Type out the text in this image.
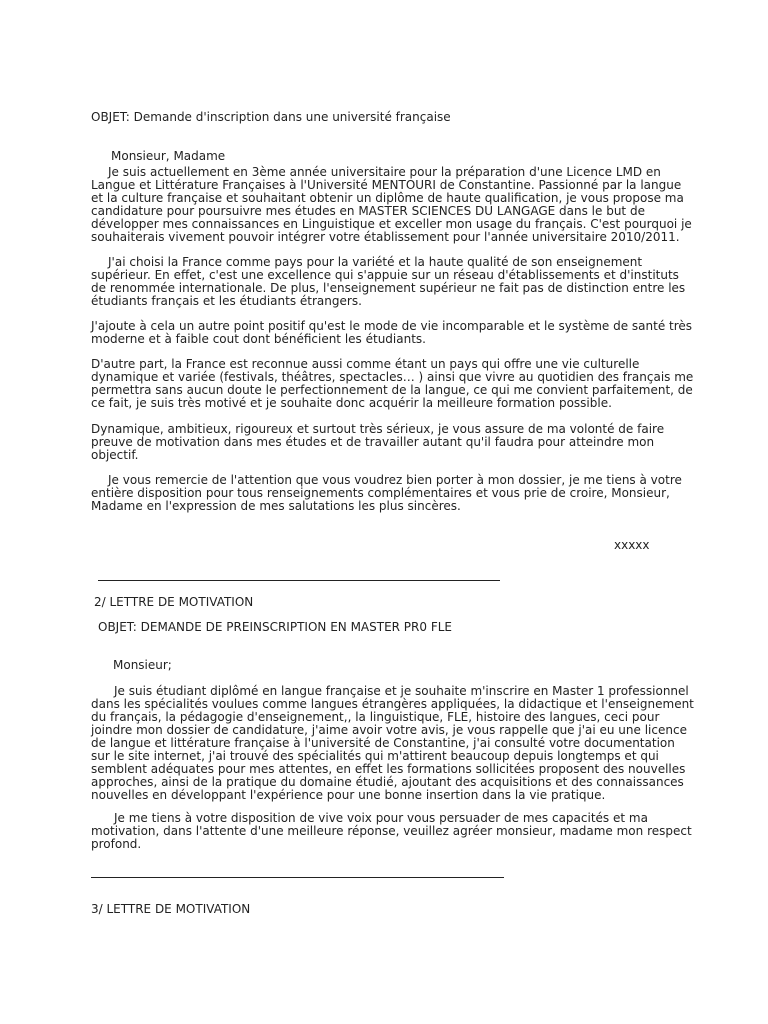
OBJET: Demande d'inscription dans une université française
Monsieur, Madame
Je suis actuellement en 3ème année universitaire pour la préparation d'une Licence LMD en
Langue et Littérature Françaises à l'Université MENTOURI de Constantine. Passionné par la langue
et la culture française et souhaitant obtenir un diplôme de haute qualification, je vous propose ma
candidature pour poursuivre mes études en MASTER SCIENCES DU LANGAGE dans le but de
développer mes connaissances en Linguistique et exceller mon usage du français. C'est pourquoi je
souhaiterais vivement pouvoir intégrer votre établissement pour l'année universitaire 2010/2011.
J'ai choisi la France comme pays pour la variété et la haute qualité de son enseignement
supérieur. En effet, c'est une excellence qui s'appuie sur un réseau d'établissements et d'instituts
de renommée internationale. De plus, l'enseignement supérieur ne fait pas de distinction entre les
étudiants français et les étudiants étrangers.
J'ajoute à cela un autre point positif qu'est le mode de vie incomparable et le système de santé très
moderne et à faible cout dont bénéficient les étudiants.
D'autre part, la France est reconnue aussi comme étant un pays qui offre une vie culturelle
dynamique et variée (festivals, théâtres, spectacles… ) ainsi que vivre au quotidien des français me
permettra sans aucun doute le perfectionnement de la langue, ce qui me convient parfaitement, de
ce fait, je suis très motivé et je souhaite donc acquérir la meilleure formation possible.
Dynamique, ambitieux, rigoureux et surtout très sérieux, je vous assure de ma volonté de faire
preuve de motivation dans mes études et de travailler autant qu'il faudra pour atteindre mon
objectif.
Je vous remercie de l'attention que vous voudrez bien porter à mon dossier, je me tiens à votre
entière disposition pour tous renseignements complémentaires et vous prie de croire, Monsieur,
Madame en l'expression de mes salutations les plus sincères.
xxxxx
2/ LETTRE DE MOTIVATION
OBJET: DEMANDE DE PREINSCRIPTION EN MASTER PR0 FLE
Monsieur;
Je suis étudiant diplômé en langue française et je souhaite m'inscrire en Master 1 professionnel
dans les spécialités voulues comme langues étrangères appliquées, la didactique et l'enseignement
du français, la pédagogie d'enseignement,, la linguistique, FLE, histoire des langues, ceci pour
joindre mon dossier de candidature, j'aime avoir votre avis, je vous rappelle que j'ai eu une licence
de langue et littérature française à l'université de Constantine, j'ai consulté votre documentation
sur le site internet, j'ai trouvé des spécialités qui m'attirent beaucoup depuis longtemps et qui
semblent adéquates pour mes attentes, en effet les formations sollicitées proposent des nouvelles
approches, ainsi de la pratique du domaine étudié, ajoutant des acquisitions et des connaissances
nouvelles en développant l'expérience pour une bonne insertion dans la vie pratique.
Je me tiens à votre disposition de vive voix pour vous persuader de mes capacités et ma
motivation, dans l'attente d'une meilleure réponse, veuillez agréer monsieur, madame mon respect
profond.
3/ LETTRE DE MOTIVATION
